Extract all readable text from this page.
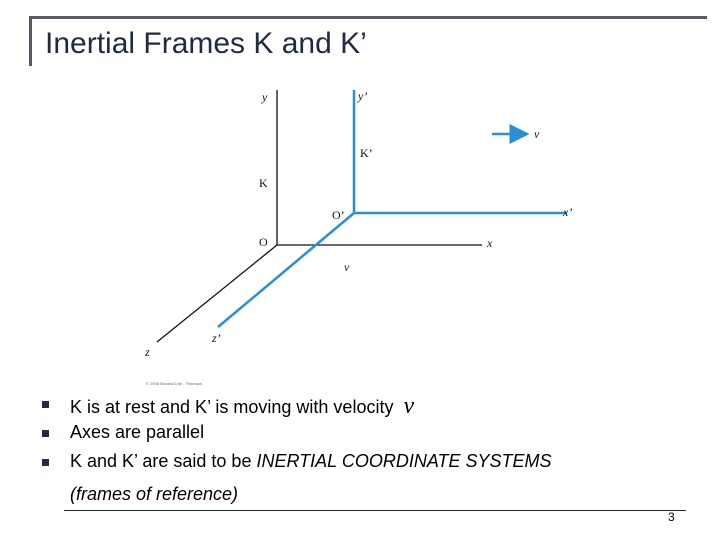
Inertial Frames K and K’
y
K
O	x
z
y’
K’
O’	x’
z’
v⃗
v⃗
© 2006 Brooks/Cole - Thomson
K is at rest and K’ is moving with velocity v
Axes are parallel
K and K’ are said to be INERTIAL COORDINATE SYSTEMS
(frames of reference)
3
